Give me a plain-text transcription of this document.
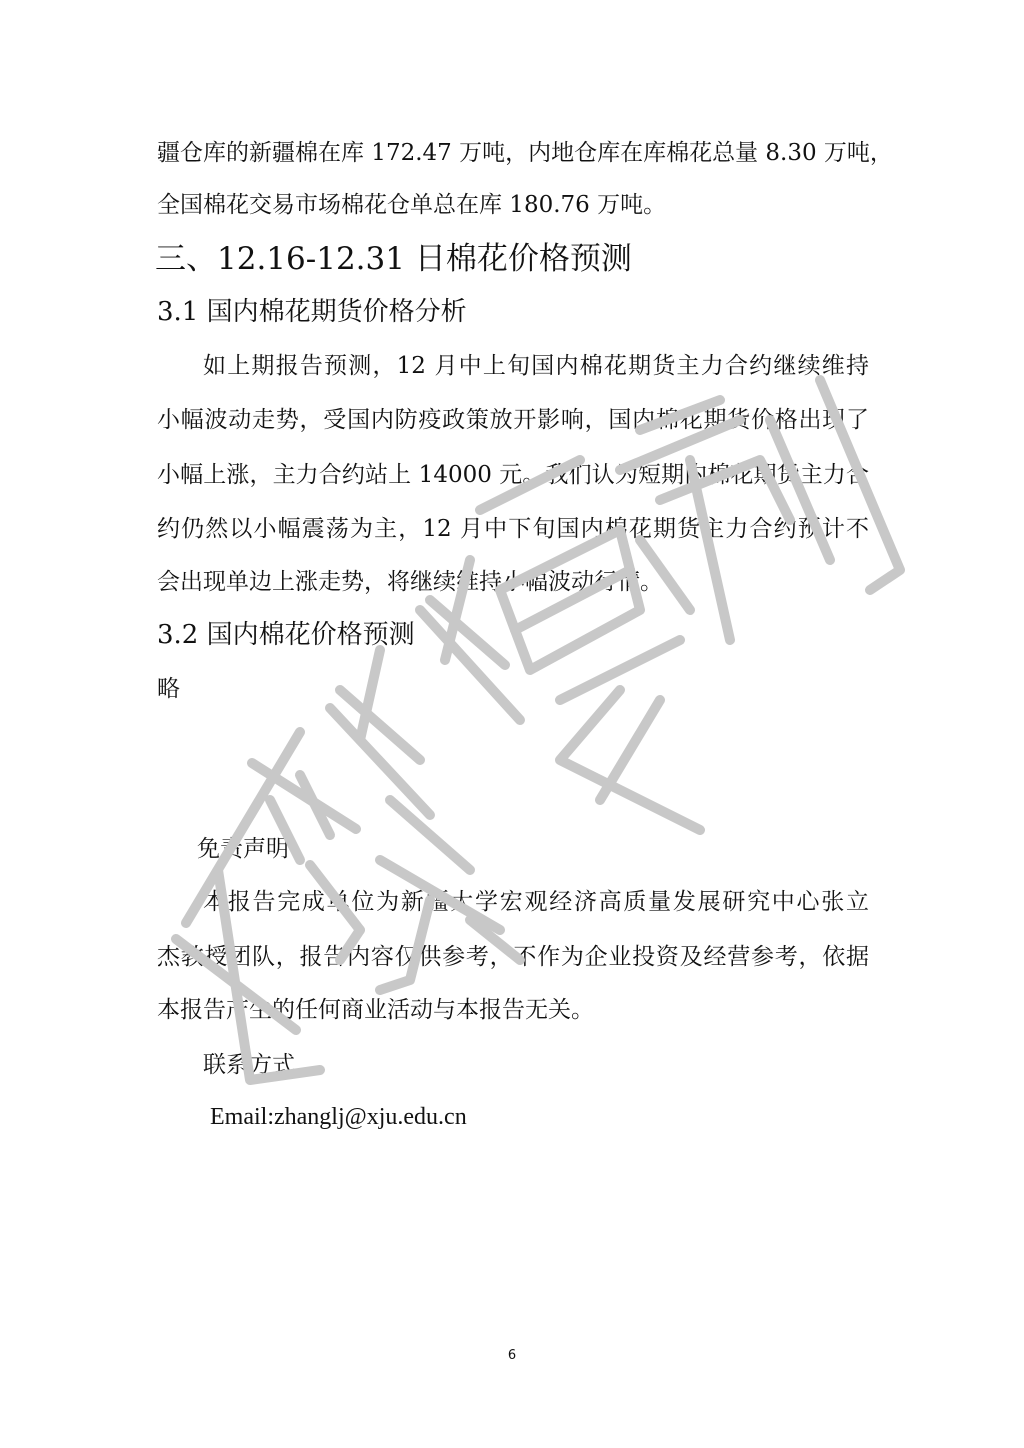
疆仓库的新疆棉在库 172.47 万吨，内地仓库在库棉花总量 8.30 万吨，
全国棉花交易市场棉花仓单总在库 180.76 万吨。
三、12.16-12.31 日棉花价格预测
3.1 国内棉花期货价格分析
如上期报告预测，12 月中上旬国内棉花期货主力合约继续维持
小幅波动走势，受国内防疫政策放开影响，国内棉花期货价格出现了
小幅上涨，主力合约站上 14000 元。我们认为短期内棉花期货主力合
约仍然以小幅震荡为主，12 月中下旬国内棉花期货主力合约预计不
会出现单边上涨走势，将继续维持小幅波动行情。
3.2 国内棉花价格预测
略
免责声明
本报告完成单位为新疆大学宏观经济高质量发展研究中心张立
杰教授团队，报告内容仅供参考，不作为企业投资及经营参考，依据
本报告产生的任何商业活动与本报告无关。
联系方式
Email:zhanglj@xju.edu.cn
6
